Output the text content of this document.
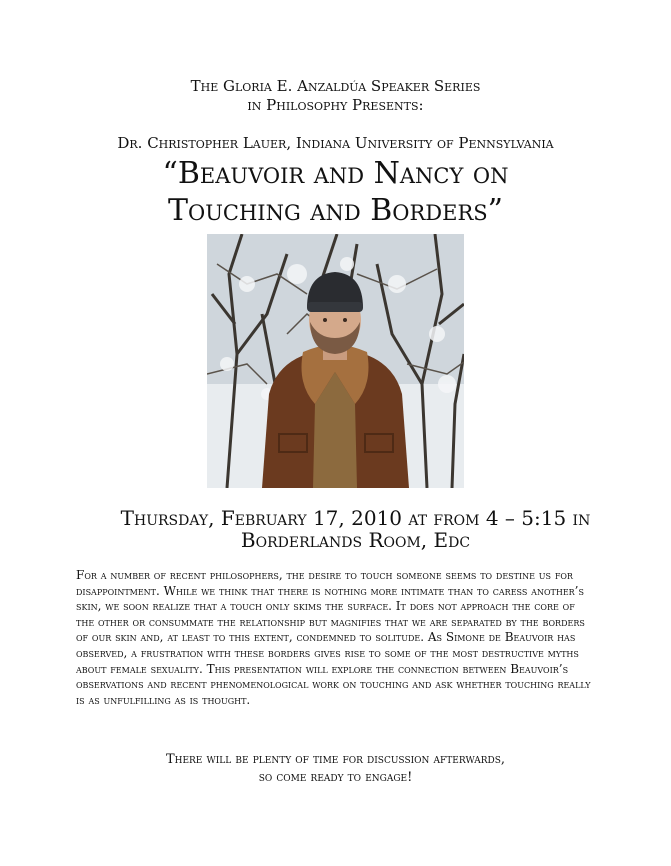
The Gloria E. Anzaldúa Speaker Series
in Philosophy Presents:
Dr. Christopher Lauer, Indiana University of Pennsylvania
“Beauvoir and Nancy on
Touching and Borders”
Thursday, February 17, 2010 at from 4 – 5:15 in
Borderlands Room, Edc
For a number of recent philosophers, the desire to touch someone seems to destine us for disappointment. While we think that there is nothing more intimate than to caress another’s skin, we soon realize that a touch only skims the surface. It does not approach the core of the other or consummate the relationship but magnifies that we are separated by the borders of our skin and, at least to this extent, condemned to solitude. As Simone de Beauvoir has observed, a frustration with these borders gives rise to some of the most destructive myths about female sexuality. This presentation will explore the connection between Beauvoir’s observations and recent phenomenological work on touching and ask whether touching really is as unfulfilling as is thought.
There will be plenty of time for discussion afterwards,
so come ready to engage!
